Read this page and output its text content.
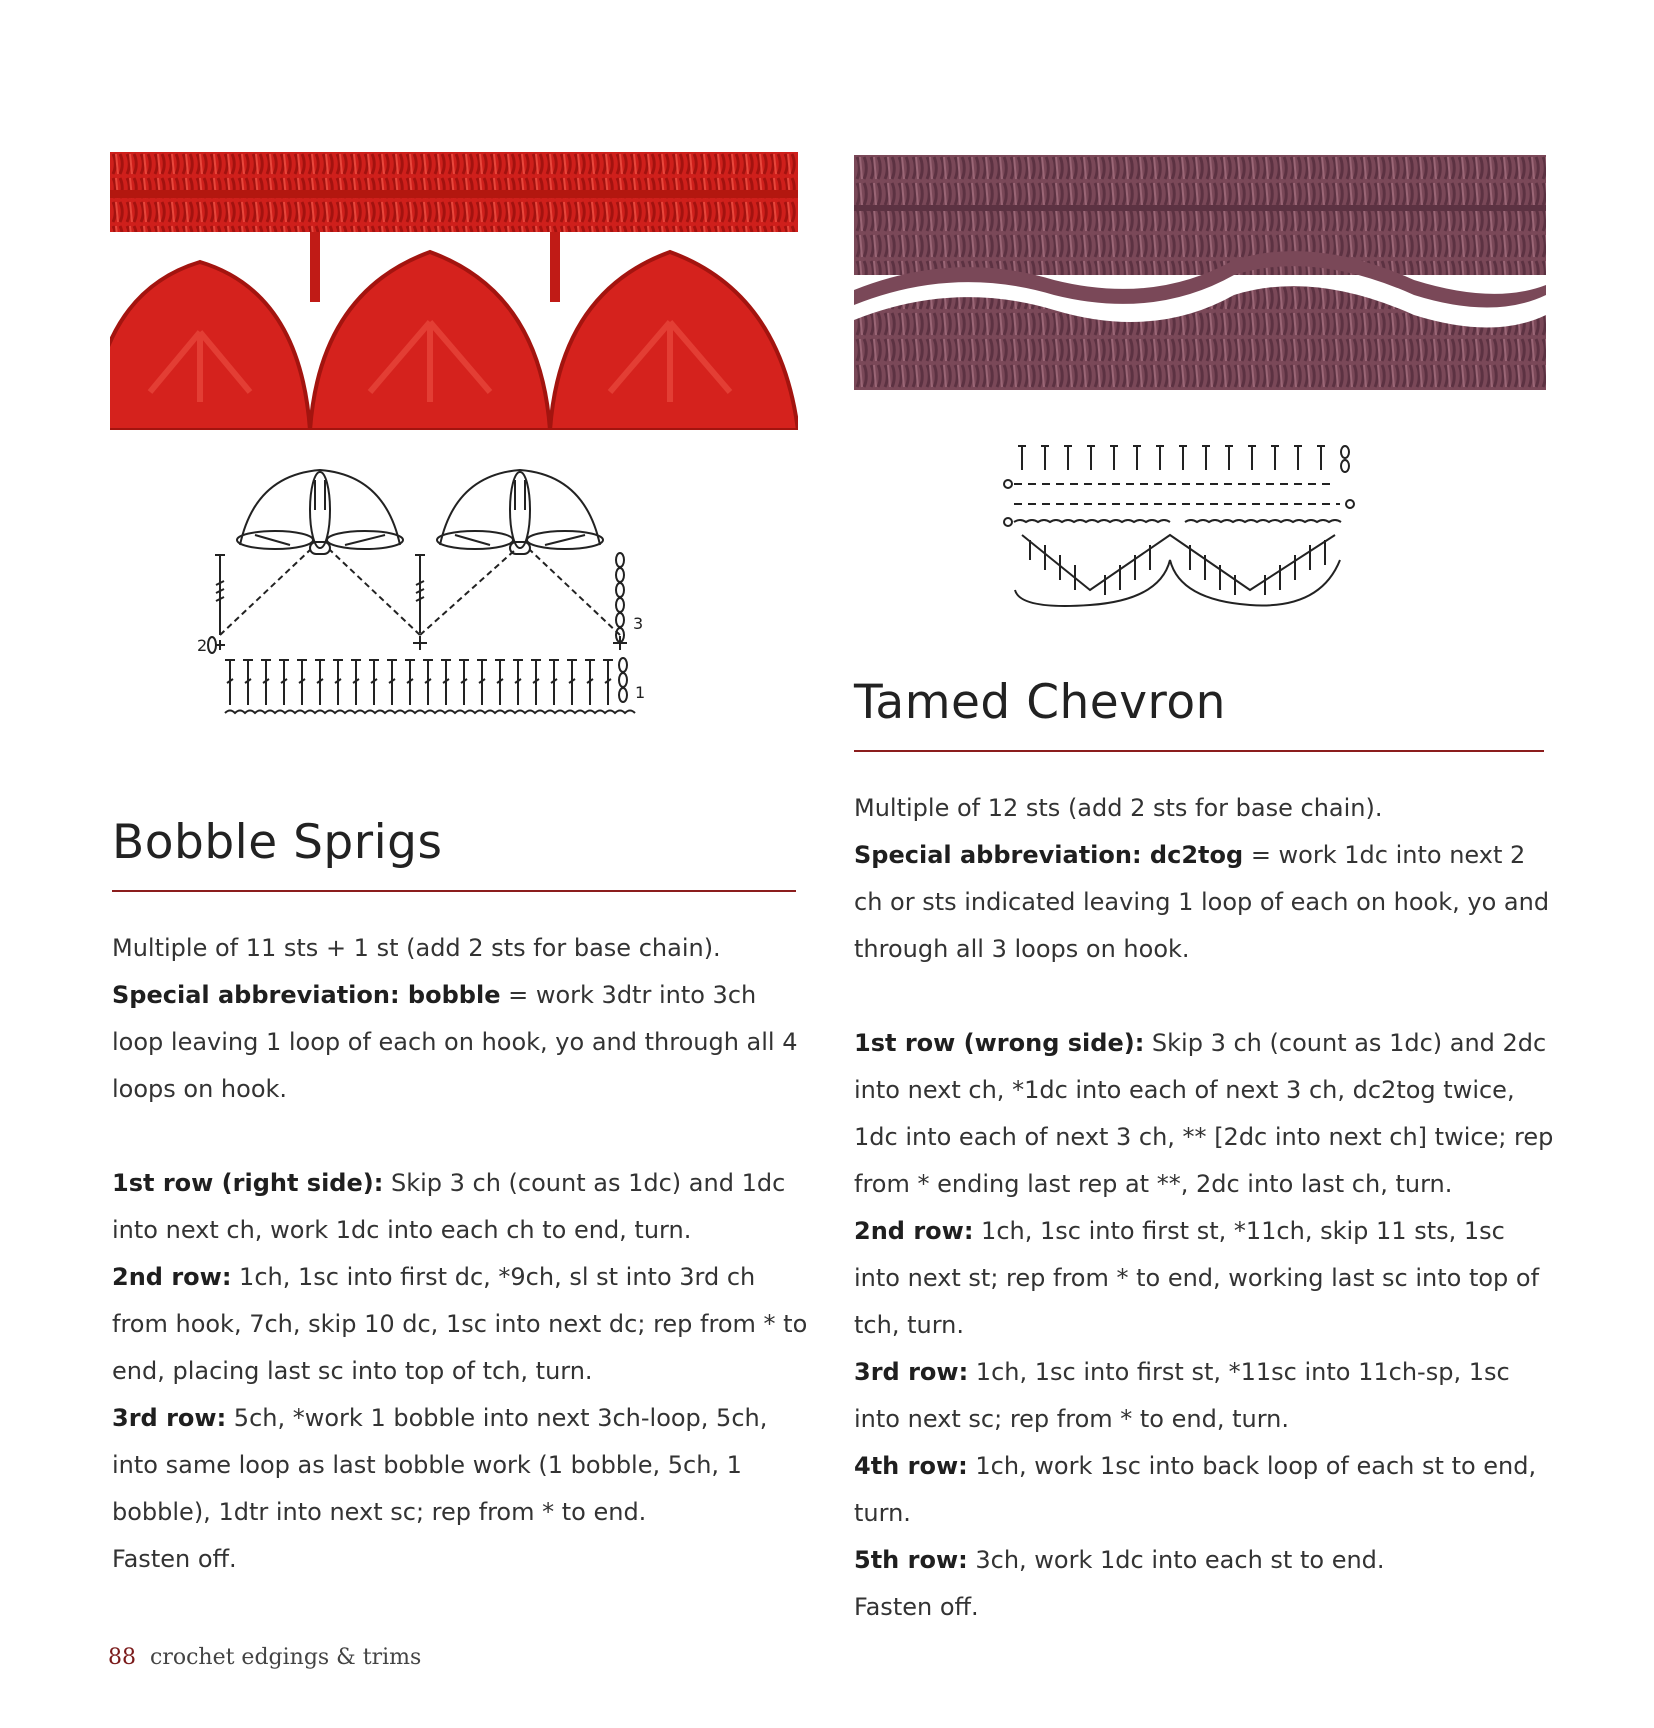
2
3
1
Bobble Sprigs

Multiple of 11 sts + 1 st (add 2 sts for base chain).

Special abbreviation: bobble = work 3dtr into 3ch loop leaving 1 loop of each on hook, yo and through all 4 loops on hook.

1st row (right side): Skip 3 ch (count as 1dc) and 1dc into next ch, work 1dc into each ch to end, turn.

2nd row: 1ch, 1sc into first dc, *9ch, sl st into 3rd ch from hook, 7ch, skip 10 dc, 1sc into next dc; rep from * to end, placing last sc into top of tch, turn.

3rd row: 5ch, *work 1 bobble into next 3ch-loop, 5ch, into same loop as last bobble work (1 bobble, 5ch, 1 bobble), 1dtr into next sc; rep from * to end.

Fasten off.

Tamed Chevron

Multiple of 12 sts (add 2 sts for base chain).

Special abbreviation: dc2tog = work 1dc into next 2 ch or sts indicated leaving 1 loop of each on hook, yo and through all 3 loops on hook.

1st row (wrong side): Skip 3 ch (count as 1dc) and 2dc into next ch, *1dc into each of next 3 ch, dc2tog twice, 1dc into each of next 3 ch, ** [2dc into next ch] twice; rep from * ending last rep at **, 2dc into last ch, turn.

2nd row: 1ch, 1sc into first st, *11ch, skip 11 sts, 1sc into next st; rep from * to end, working last sc into top of tch, turn.

3rd row: 1ch, 1sc into first st, *11sc into 11ch-sp, 1sc into next sc; rep from * to end, turn.

4th row: 1ch, work 1sc into back loop of each st to end, turn.

5th row: 3ch, work 1dc into each st to end.

Fasten off.

88 crochet edgings & trims
